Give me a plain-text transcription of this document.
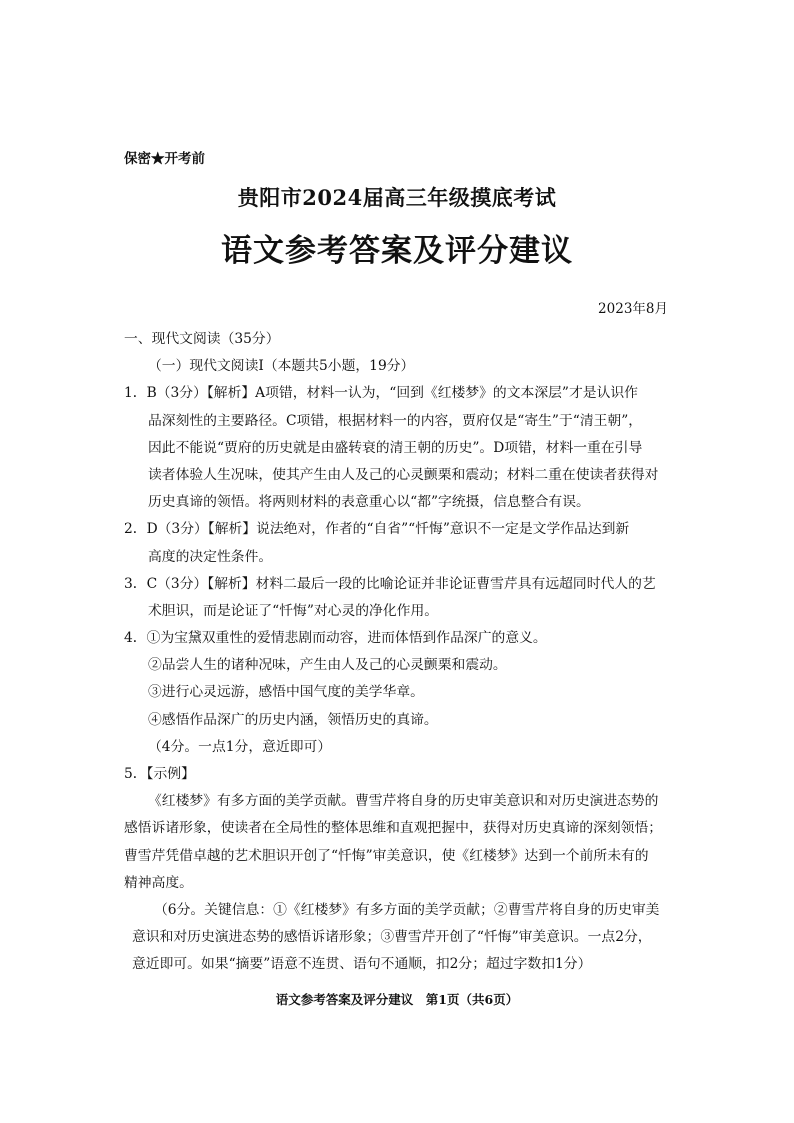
保密★开考前
贵阳市2024届高三年级摸底考试
语文参考答案及评分建议
2023年8月
一、现代文阅读（35分）
（一）现代文阅读Ⅰ（本题共5小题，19分）
1．B（3分）【解析】A项错，材料一认为，“回到《红楼梦》的文本深层”才是认识作
品深刻性的主要路径。C项错，根据材料一的内容，贾府仅是“寄生”于“清王朝”，
因此不能说“贾府的历史就是由盛转衰的清王朝的历史”。D项错，材料一重在引导
读者体验人生况味，使其产生由人及己的心灵颤栗和震动；材料二重在使读者获得对
历史真谛的领悟。将两则材料的表意重心以“都”字统摄，信息整合有误。
2．D（3分）【解析】说法绝对，作者的“自省”“忏悔”意识不一定是文学作品达到新
高度的决定性条件。
3．C（3分）【解析】材料二最后一段的比喻论证并非论证曹雪芹具有远超同时代人的艺
术胆识，而是论证了“忏悔”对心灵的净化作用。
4．①为宝黛双重性的爱情悲剧而动容，进而体悟到作品深广的意义。
②品尝人生的诸种况味，产生由人及己的心灵颤栗和震动。
③进行心灵远游，感悟中国气度的美学华章。
④感悟作品深广的历史内涵，领悟历史的真谛。
（4分。一点1分，意近即可）
5．【示例】
《红楼梦》有多方面的美学贡献。曹雪芹将自身的历史审美意识和对历史演进态势的
感悟诉诸形象，使读者在全局性的整体思维和直观把握中，获得对历史真谛的深刻领悟；
曹雪芹凭借卓越的艺术胆识开创了“忏悔”审美意识，使《红楼梦》达到一个前所未有的
精神高度。
（6分。关键信息：①《红楼梦》有多方面的美学贡献；②曹雪芹将自身的历史审美
意识和对历史演进态势的感悟诉诸形象；③曹雪芹开创了“忏悔”审美意识。一点2分，
意近即可。如果“摘要”语意不连贯、语句不通顺，扣2分；超过字数扣1分）
语文参考答案及评分建议　第1页（共6页）
